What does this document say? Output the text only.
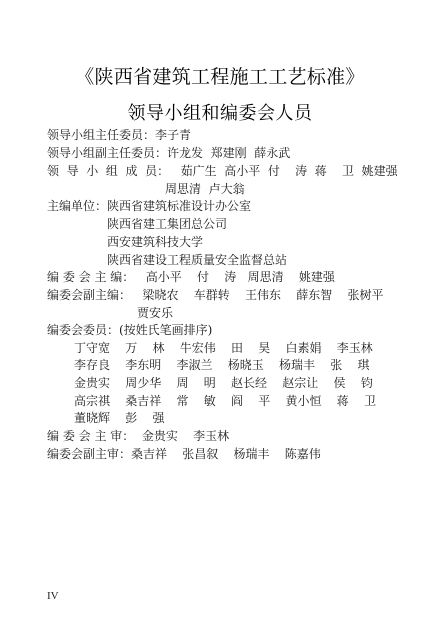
《陕西省建筑工程施工工艺标准》
领导小组和编委会人员
领导小组主任委员：李子青
领导小组副主任委员：许龙发  郑建刚  薛永武
领  导  小  组  成  员：   茹广生  高小平  付    涛  蒋    卫  姚建强
周思清  卢大翁
主编单位：陕西省建筑标准设计办公室
陕西省建工集团总公司
西安建筑科技大学
陕西省建设工程质量安全监督总站
编 委 会 主 编：   高小平    付    涛   周思清    姚建强
编委会副主编：   梁晓农    车群转    王伟东    薛东智    张树平
贾安乐
编委会委员：(按姓氏笔画排序)
丁守宽    万    林    牛宏伟    田    昊    白素娟    李玉林
李存良    李东明    李淑兰    杨晓玉    杨瑞丰    张    琪
金贵实    周少华    周    明    赵长经    赵宗让    侯    钧
高宗祺    桑吉祥    常    敏    阎    平    黄小恒    蒋    卫
董晓辉    彭    强
编 委 会 主 审：  金贵实    李玉林
编委会副主审：桑吉祥    张昌叙    杨瑞丰    陈嘉伟
IV
